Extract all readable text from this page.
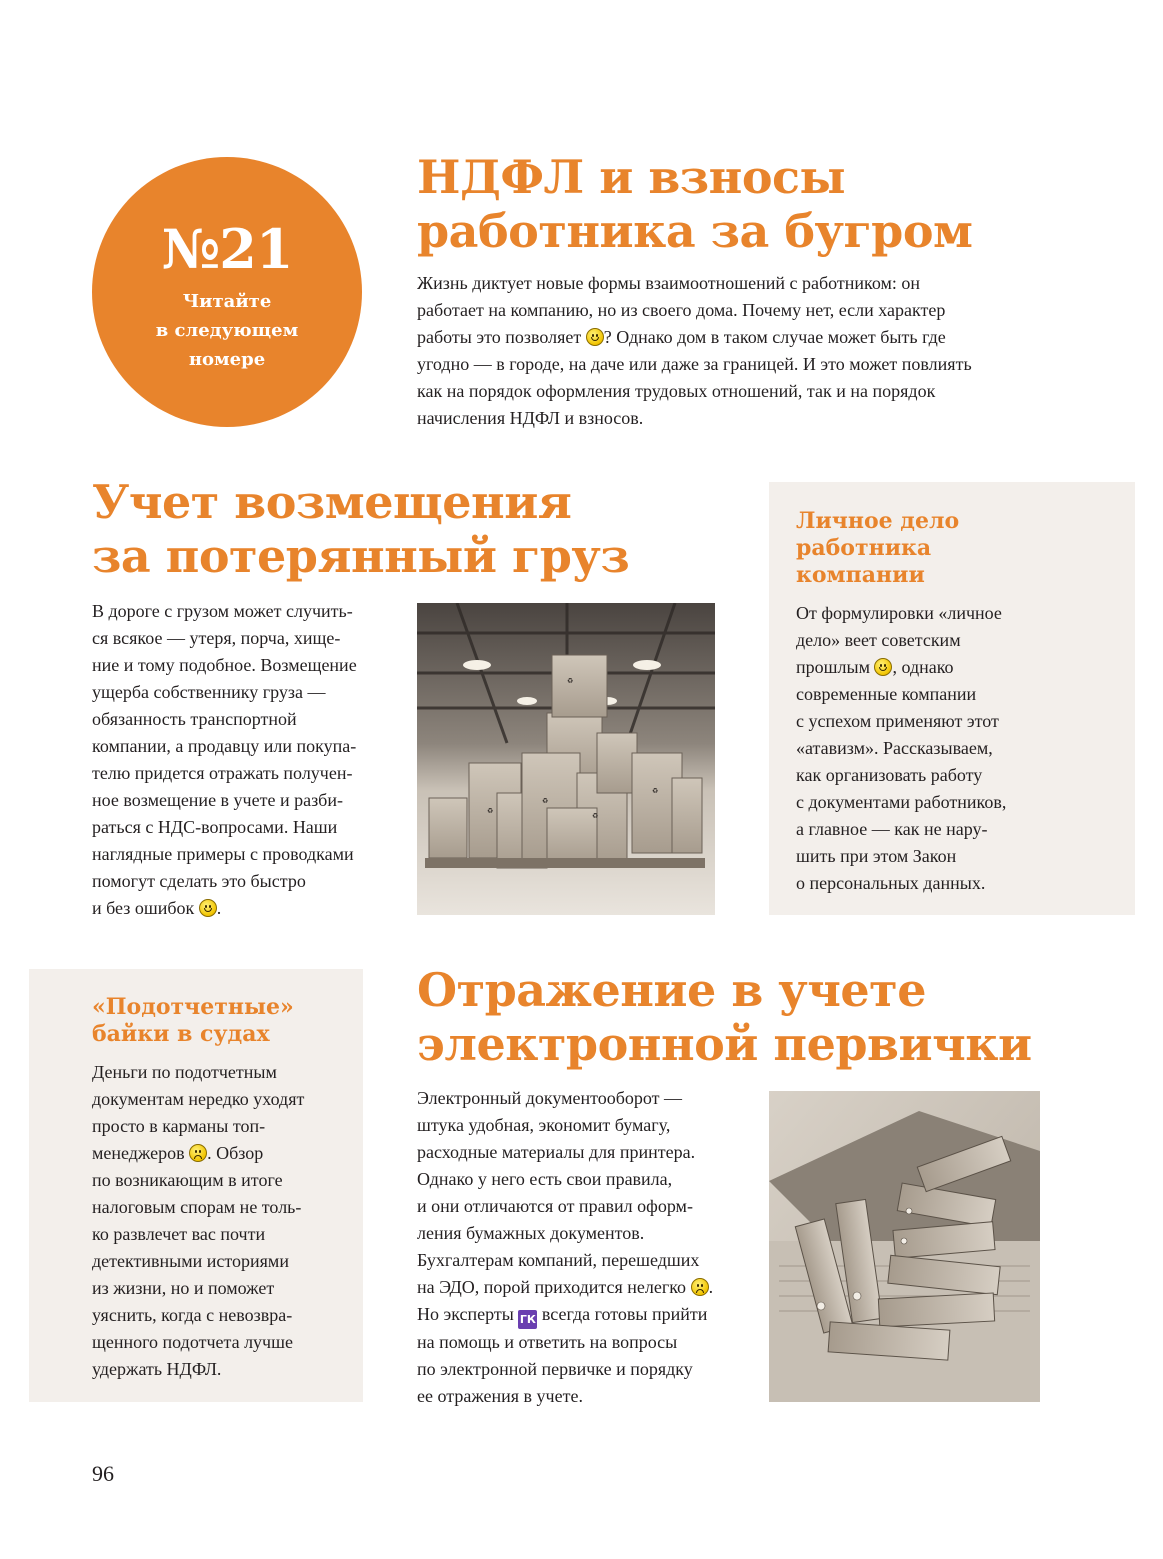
№21
Читайте
в следующем
номере
НДФЛ и взносы
работника за бугром

Жизнь диктует новые формы взаимоотношений с работником: он
работает на компанию, но из своего дома. Почему нет, если характер
работы это позволяет ? Однако дом в таком случае может быть где
угодно — в городе, на даче или даже за границей. И это может повлиять
как на порядок оформления трудовых отношений, так и на порядок
начисления НДФЛ и взносов.

Учет возмещения
за потерянный груз

В дороге с грузом может случить-
ся всякое — утеря, порча, хище-
ние и тому подобное. Возмещение
ущерба собственнику груза —
обязанность транспортной
компании, а продавцу или покупа-
телю придется отражать получен-
ное возмещение в учете и разби-
раться с НДС-вопросами. Наши
наглядные примеры с проводками
помогут сделать это быстро
и без ошибок .

♻
♻
♻
♻
♻
Личное дело
работника
компании

От формулировки «личное
дело» веет советским
прошлым , однако
современные компании
с успехом применяют этот
«атавизм». Рассказываем,
как организовать работу
с документами работников,
а главное — как не нару-
шить при этом Закон
о персональных данных.

«Подотчетные»
байки в судах

Деньги по подотчетным
документам нередко уходят
просто в карманы топ-
менеджеров . Обзор
по возникающим в итоге
налоговым спорам не толь-
ко развлечет вас почти
детективными историями
из жизни, но и поможет
уяснить, когда с невозвра-
щенного подотчета лучше
удержать НДФЛ.

Отражение в учете
электронной первички

Электронный документооборот —
штука удобная, экономит бумагу,
расходные материалы для принтера.
Однако у него есть свои правила,
и они отличаются от правил оформ-
ления бумажных документов.
Бухгалтерам компаний, перешедших
на ЭДО, порой приходится нелегко .
Но эксперты ГК всегда готовы прийти
на помощь и ответить на вопросы
по электронной первичке и порядку
ее отражения в учете.

96
